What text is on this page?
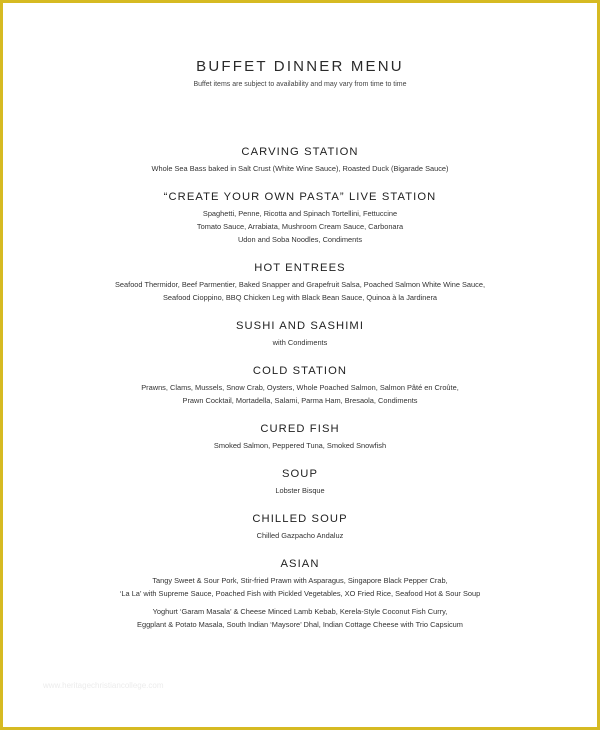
BUFFET DINNER MENU
Buffet items are subject to availability and may vary from time to time
CARVING STATION
Whole Sea Bass baked in Salt Crust (White Wine Sauce), Roasted Duck (Bigarade Sauce)
“CREATE YOUR OWN PASTA” LIVE STATION
Spaghetti, Penne, Ricotta and Spinach Tortellini, Fettuccine
Tomato Sauce, Arrabiata, Mushroom Cream Sauce, Carbonara
Udon and Soba Noodles, Condiments
HOT ENTREES
Seafood Thermidor, Beef Parmentier, Baked Snapper and Grapefruit Salsa, Poached Salmon White Wine Sauce,
Seafood Cioppino, BBQ Chicken Leg with Black Bean Sauce, Quinoa à la Jardinera
SUSHI AND SASHIMI
with Condiments
COLD STATION
Prawns, Clams, Mussels, Snow Crab, Oysters, Whole Poached Salmon, Salmon Pâté en Croûte,
Prawn Cocktail, Mortadella, Salami, Parma Ham, Bresaola, Condiments
CURED FISH
Smoked Salmon, Peppered Tuna, Smoked Snowfish
SOUP
Lobster Bisque
CHILLED SOUP
Chilled Gazpacho Andaluz
ASIAN
Tangy Sweet & Sour Pork, Stir-fried Prawn with Asparagus, Singapore Black Pepper Crab,
‘La La’ with Supreme Sauce, Poached Fish with Pickled Vegetables, XO Fried Rice, Seafood Hot & Sour Soup
Yoghurt ‘Garam Masala’ & Cheese Minced Lamb Kebab, Kerela-Style Coconut Fish Curry,
Eggplant & Potato Masala, South Indian ‘Maysore’ Dhal, Indian Cottage Cheese with Trio Capsicum
www.heritagechristiancollege.com
